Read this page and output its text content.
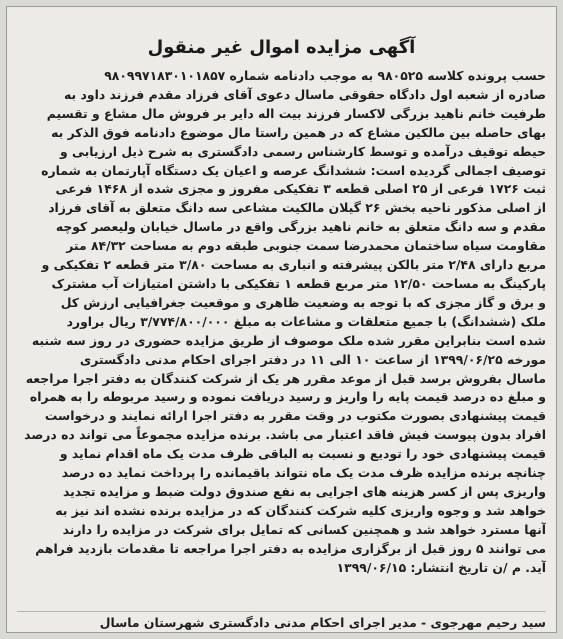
آگهی مزایده اموال غیر منقول
حسب پرونده کلاسه ۹۸۰۵۲۵ به موجب دادنامه شماره ۹۸۰۹۹۷۱۸۳۰۱۰۱۸۵۷
صادره از شعبه اول دادگاه حقوقی ماسال دعوی آقای فرزاد مقدم فرزند داود به
طرفیت خانم ناهید بزرگی لاکسار فرزند بیت اله دایر بر فروش مال مشاع و تقسیم
بهای حاصله بین مالکین مشاع که در همین راستا مال موضوع دادنامه فوق الذکر به
حیطه توقیف درآمده و توسط کارشناس رسمی دادگستری به شرح ذیل ارزیابی و
توصیف اجمالی گردیده است: ششدانگ عرصه و اعیان یک دستگاه آپارتمان به شماره
ثبت ۱۷۲۶ فرعی از ۲۵ اصلی قطعه ۳ تفکیکی مفروز و مجزی شده از ۱۴۶۸ فرعی
از اصلی مذکور ناحیه بخش ۲۶ گیلان مالکیت مشاعی سه دانگ متعلق به آقای فرزاد
مقدم و سه دانگ متعلق به خانم ناهید بزرگی واقع در ماسال خیابان ولیعصر کوچه
مقاومت سیاه ساختمان محمدرضا سمت جنوبی طبقه دوم به مساحت ۸۴/۳۲ متر
مربع دارای ۲/۴۸ متر بالکن پیشرفته و انباری به مساحت ۳/۸۰ متر قطعه ۲ تفکیکی و
پارکینگ به مساحت ۱۲/۵۰ متر مربع قطعه ۱ تفکیکی با داشتن امتیازات آب مشترک
و برق و گاز مجزی که با توجه به وضعیت ظاهری و موقعیت جغرافیایی ارزش کل
ملک (ششدانگ) با جمیع متعلقات و مشاعات به مبلغ ۳/۷۷۴/۸۰۰/۰۰۰ ریال براورد
شده است بنابراین مقرر شده ملک موصوف از طریق مزایده حضوری در روز سه شنبه
مورخه ۱۳۹۹/۰۶/۲۵ از ساعت ۱۰ الی ۱۱ در دفتر اجرای احکام مدنی دادگستری
ماسال بفروش برسد قبل از موعد مقرر هر یک از شرکت کنندگان به دفتر اجرا مراجعه
و مبلغ ده درصد قیمت پایه را واریز و رسید دریافت نموده و رسید مربوطه را به همراه
قیمت پیشنهادی بصورت مکتوب در وقت مقرر به دفتر اجرا ارائه نمایند و درخواست
افراد بدون پیوست فیش فاقد اعتبار می باشد. برنده مزایده مجموعاً می تواند ده درصد
قیمت پیشنهادی خود را تودیع و نسبت به الباقی ظرف مدت یک ماه اقدام نماید و
چنانچه برنده مزایده ظرف مدت یک ماه نتواند باقیمانده را پرداخت نماید ده درصد
واریزی پس از کسر هزینه های اجرایی به نفع صندوق دولت ضبط و مزایده تجدید
خواهد شد و وجوه واریزی کلیه شرکت کنندگان که در مزایده برنده نشده اند نیز به
آنها مسترد خواهد شد و همچنین کسانی که تمایل برای شرکت در مزایده را دارند
می توانند ۵ روز قبل از برگزاری مزایده به دفتر اجرا مراجعه تا مقدمات بازدید فراهم
آید. م /ن تاریخ انتشار: ۱۳۹۹/۰۶/۱۵
سید رحیم مهرجوی - مدیر اجرای احکام مدنی دادگستری شهرستان ماسال
